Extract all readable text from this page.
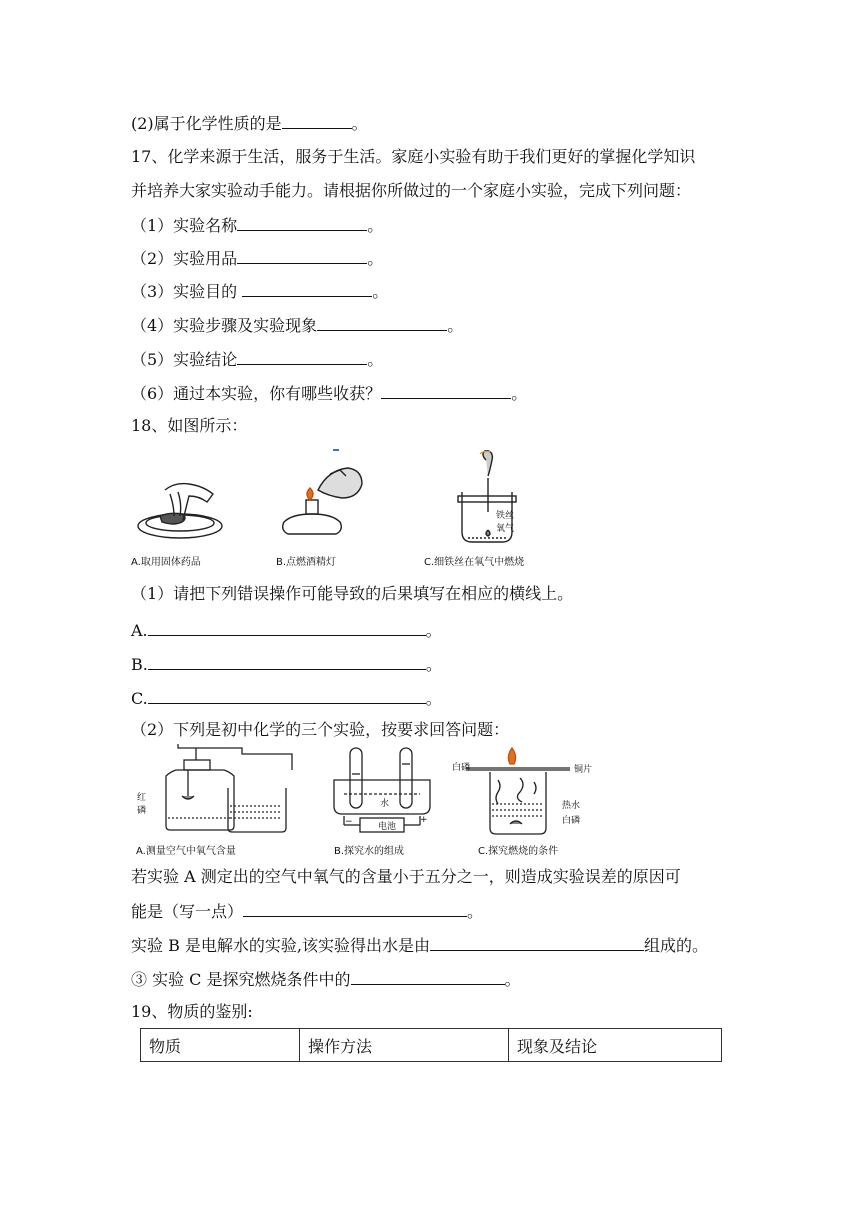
(2)属于化学性质的是	。
17、化学来源于生活，服务于生活。家庭小实验有助于我们更好的掌握化学知识
并培养大家实验动手能力。请根据你所做过的一个家庭小实验，完成下列问题：
（1）实验名称	。
（2）实验用品	。
（3）实验目的	。
（4）实验步骤及实验现象	。
（5）实验结论	。
（6）通过本实验，你有哪些收获？	。
18、如图所示：
铁丝
氧气
A.取用固体药品	B.点燃酒精灯	C.细铁丝在氧气中燃烧
（1）请把下列错误操作可能导致的后果填写在相应的横线上。
A.	。
B.	。
C.	。
（2）下列是初中化学的三个实验，按要求回答问题：
红
磷
水
电池
−	+
白磷	铜片
热水
白磷
A.测量空气中氧气含量	B.探究水的组成	C.探究燃烧的条件
若实验 A 测定出的空气中氧气的含量小于五分之一，则造成实验误差的原因可
能是（写一点）	。
实验 B 是电解水的实验,该实验得出水是由	组成的。
③ 实验 C 是探究燃烧条件中的	。
19、物质的鉴别:
物质	操作方法	现象及结论
